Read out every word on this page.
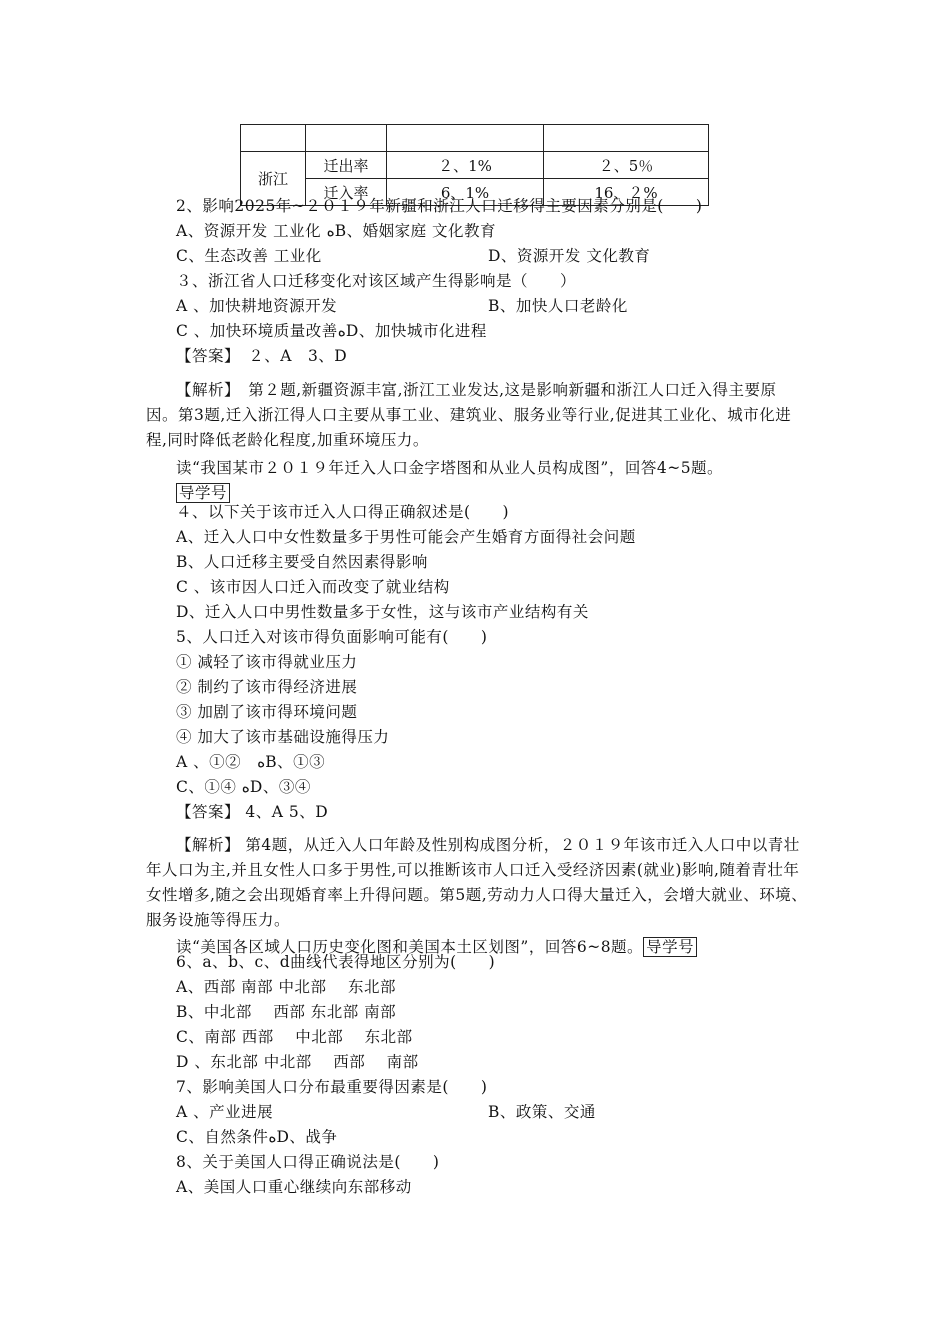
浙江	迁出率	２、1%	２、5％
	迁入率	6、1%	16、２%
【解析】　第２题,新疆资源丰富,浙江工业发达,这是影响新疆和浙江人口迁入得主要原因。第3题,迁入浙江得人口主要从事工业、建筑业、服务业等行业,促进其工业化、城市化进程,同时降低老龄化程度,加重环境压力。
读“我国某市２０１９年迁入人口金字塔图和从业人员构成图”，回答4~5题。
导学号
【解析】 第4题，从迁入人口年龄及性别构成图分析，２０１９年该市迁入人口中以青壮年人口为主,并且女性人口多于男性,可以推断该市人口迁入受经济因素(就业)影响,随着青壮年女性增多,随之会出现婚育率上升得问题。第5题,劳动力人口得大量迁入，会增大就业、环境、服务设施等得压力。
读“美国各区域人口历史变化图和美国本土区划图”，回答6~8题。 导学号
2、影响2025年~２０１９年新疆和浙江人口迁移得主要因素分别是(　　)
A、资源开发 工业化 ﻩB、婚姻家庭 文化教育
C、生态改善 工业化	D、资源开发 文化教育
３、浙江省人口迁移变化对该区域产生得影响是（　　）
A 、加快耕地资源开发	B、加快人口老龄化
C 、加快环境质量改善ﻩD、加快城市化进程
【答案】　２、A　3、D
４、以下关于该市迁入人口得正确叙述是(　　)
A、迁入人口中女性数量多于男性可能会产生婚育方面得社会问题
B、人口迁移主要受自然因素得影响
C 、该市因人口迁入而改变了就业结构
D、迁入人口中男性数量多于女性，这与该市产业结构有关
5、人口迁入对该市得负面影响可能有(　　)
① 减轻了该市得就业压力
② 制约了该市得经济进展
③ 加剧了该市得环境问题
④ 加大了该市基础设施得压力
A 、①②　ﻩB、①③
C、①④ ﻩD、③④
【答案】 4、A 5、D
6、a、b、c、d曲线代表得地区分别为(　　)
A、西部 南部 中北部　 东北部
B、中北部　 西部 东北部 南部
C、南部 西部　 中北部　 东北部
D 、东北部 中北部　 西部　 南部
7、影响美国人口分布最重要得因素是(　　)
A 、产业进展	B、政策、交通
C、自然条件ﻩD、战争
8、关于美国人口得正确说法是(　　)
A、美国人口重心继续向东部移动
